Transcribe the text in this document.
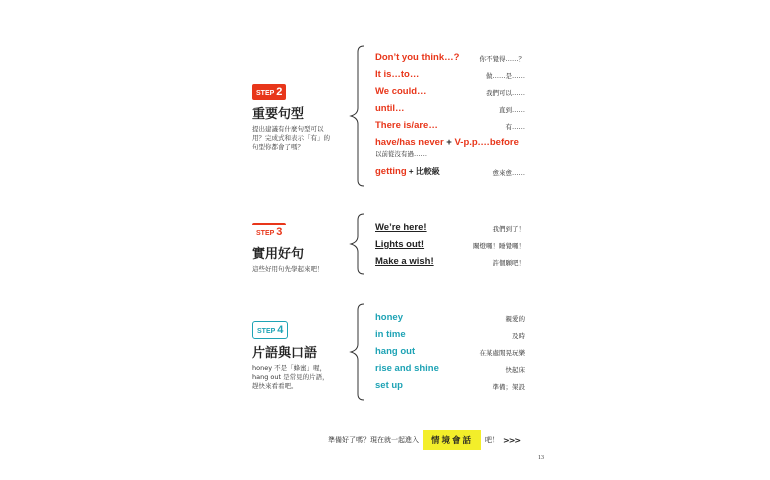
STEP 2
重要句型
提出建議有什麼句型可以用？完成式和表示「有」的句型你都會了嗎？
Don’t you think…?	你不覺得……？
It is…to…	做……是……
We could…	我們可以……
until…	直到……
There is/are…	有……
have/has never + V-p.p.…before
以前從沒有過……
getting + 比較級	愈來愈……
STEP 3
實用好句
這些好用句先學起來吧！
We’re here!	我們到了！
Lights out!	關燈囉！睡覺囉！
Make a wish!	許個願吧！
STEP 4
片語與口語
honey 不是「蜂蜜」喔，hang out 是常見的片語，趕快來看看吧。
honey	親愛的
in time	及時
hang out	在某處閒晃玩樂
rise and shine	快起床
set up	準備；架設
準備好了嗎？現在就一起進入	情境會話	吧！ >>>
13
